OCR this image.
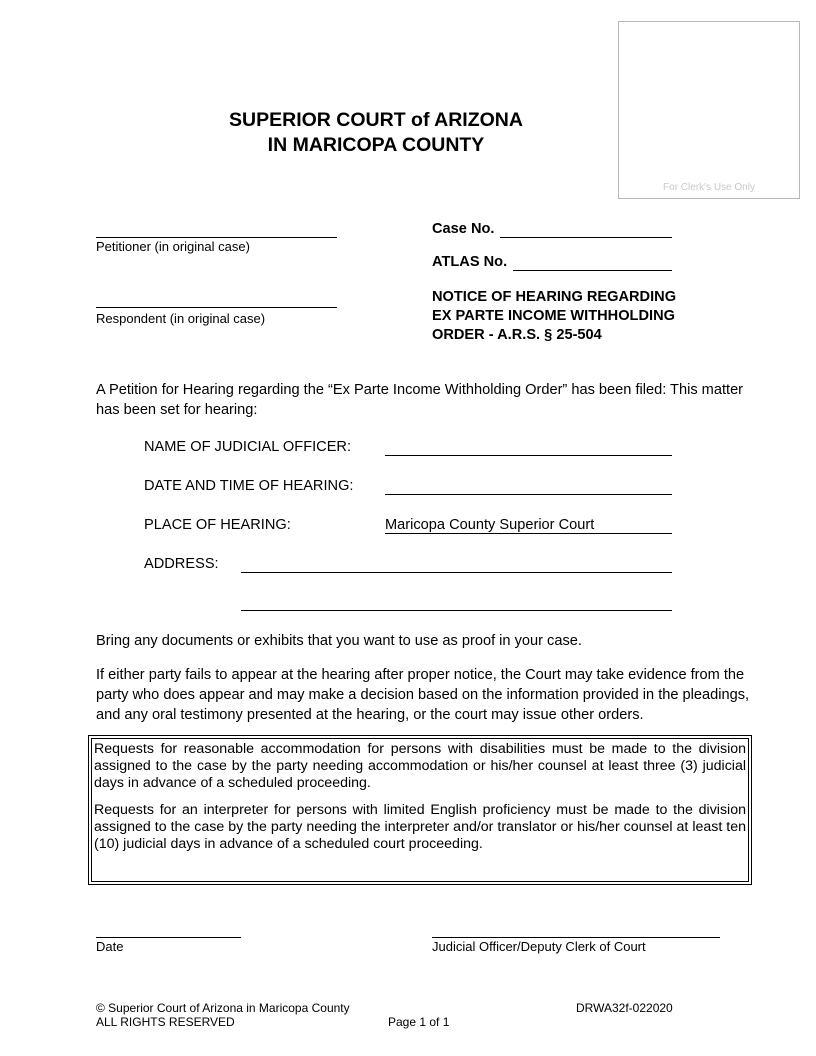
For Clerk's Use Only
SUPERIOR COURT of ARIZONA
IN MARICOPA COUNTY
Petitioner (in original case)
Respondent (in original case)
Case No.
ATLAS No.
NOTICE OF HEARING REGARDING
EX PARTE INCOME WITHHOLDING
ORDER - A.R.S. § 25-504
A Petition for Hearing regarding the “Ex Parte Income Withholding Order” has been filed: This matter
has been set for hearing:
NAME OF JUDICIAL OFFICER:
DATE AND TIME OF HEARING:
PLACE OF HEARING:	Maricopa County Superior Court
ADDRESS:
Bring any documents or exhibits that you want to use as proof in your case.
If either party fails to appear at the hearing after proper notice, the Court may take evidence from the
party who does appear and may make a decision based on the information provided in the pleadings,
and any oral testimony presented at the hearing, or the court may issue other orders.

Requests for reasonable accommodation for persons with disabilities must be made to the division assigned to the case by the party needing accommodation or his/her counsel at least three (3) judicial days in advance of a scheduled proceeding.

Requests for an interpreter for persons with limited English proficiency must be made to the division assigned to the case by the party needing the interpreter and/or translator or his/her counsel at least ten (10) judicial days in advance of a scheduled court proceeding.

Date	Judicial Officer/Deputy Clerk of Court
© Superior Court of Arizona in Maricopa County
ALL RIGHTS RESERVED	Page 1 of 1
DRWA32f-022020
